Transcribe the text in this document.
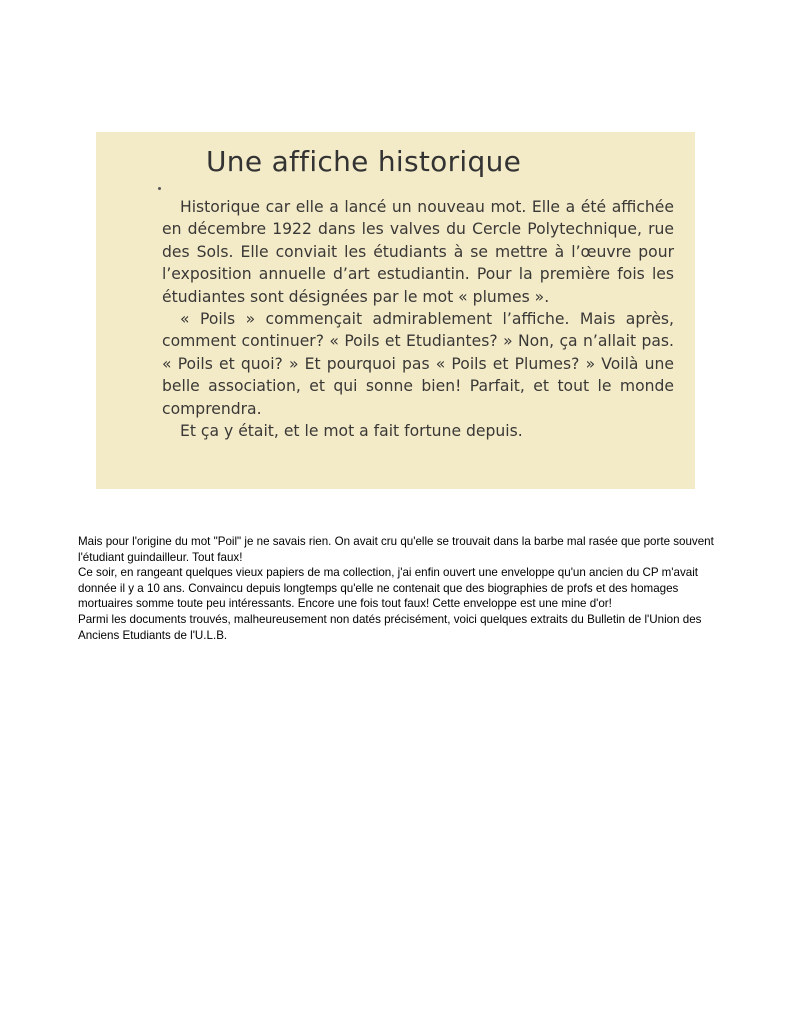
Une affiche historique

Historique car elle a lancé un nouveau mot. Elle a été affichée en décembre 1922 dans les valves du Cercle Polytechnique, rue des Sols. Elle conviait les étudiants à se mettre à l’œuvre pour l’exposition annuelle d’art estudiantin. Pour la première fois les étudiantes sont désignées par le mot « plumes ».

« Poils » commençait admirablement l’affiche. Mais après, comment continuer? « Poils et Etudiantes? » Non, ça n’allait pas. « Poils et quoi? » Et pourquoi pas « Poils et Plumes? » Voilà une belle association, et qui sonne bien! Parfait, et tout le monde comprendra.

Et ça y était, et le mot a fait fortune depuis.

Mais pour l'origine du mot "Poil" je ne savais rien. On avait cru qu'elle se trouvait dans la barbe mal rasée que porte souvent l'étudiant guindailleur. Tout faux!

Ce soir, en rangeant quelques vieux papiers de ma collection, j'ai enfin ouvert une enveloppe qu'un ancien du CP m'avait donnée il y a 10 ans. Convaincu depuis longtemps qu'elle ne contenait que des biographies de profs et des homages mortuaires somme toute peu intéressants. Encore une fois tout faux! Cette enveloppe est une mine d'or!

Parmi les documents trouvés, malheureusement non datés précisément, voici quelques extraits du Bulletin de l'Union des Anciens Etudiants de l'U.L.B.
